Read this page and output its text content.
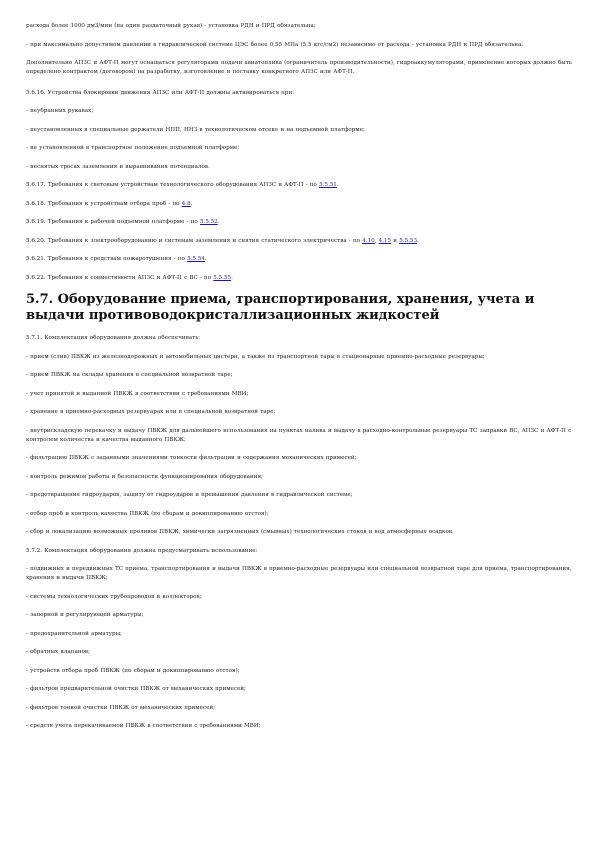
расхода более 1000 дм3/мин (на один раздаточный рукав) - установка РДН и ПРД обязательна;

- при максимально допустимом давлении в гидравлической системе ЦЭС более 0,55 МПа (5,5 кгс/см2) независимо от расхода - установка РДН и ПРД обязательна.

Дополнительно АПЗС и АФТ-П могут оснащаться регуляторами подачи авиатоплива (ограничитель производительности), гидроаккумуляторами, применение которых должно быть определено контрактом (договором) на разработку, изготовление и поставку конкретного АПЗС или АФТ-П.

5.6.16. Устройства блокировки движения АПЗС или АФТ-П должны активироваться при:

- неубранных рукавах;

- неустановленных в специальные держатели НПП, ННЗ в технологическом отсеке и на подъемной платформе;

- не установленной в транспортное положение подъемной платформе;

- неснятых тросах заземления и выравнивания потенциалов.

5.6.17. Требования к световым устройствам технологического оборудования АПЗС и АФТ-П - по 5.5.51.

5.6.18. Требования к устройствам отбора проб - по 4.8.

5.6.19. Требования к рабочей подъемной платформе - по 5.5.52.

5.6.20. Требования к электрооборудованию и системам заземления и снятия статического электричества - по 4.10, 4.15 и 5.5.53.

5.6.21. Требования к средствам пожаротушения - по 5.5.54.

5.6.22. Требования к совместимости АПЗС и АФТ-П с ВС - по 5.5.55.

5.7. Оборудование приема, транспортирования, хранения, учета и выдачи противоводокристаллизационных жидкостей

5.7.1. Комплектация оборудования должна обеспечивать:

- прием (слив) ПВКЖ из железнодорожных и автомобильных цистерн, а также из транспортной тары в стационарные приемно-расходные резервуары;

- прием ПВКЖ на склады хранения в специальной возвратной таре;

- учет принятой и выданной ПВКЖ в соответствии с требованиями МВИ;

- хранение в приемно-расходных резервуарах или в специальной возвратной таре;

- внутрискладскую перекачку и выдачу ПВКЖ для дальнейшего использования на пунктах налива и выдачу в расходно-контрольные резервуары ТС заправки ВС, АПЗС и АФТ-П с контролем количества и качества выданного ПВКЖ;

- фильтрацию ПВКЖ с заданными значениями тонкости фильтрации и содержания механических примесей;

- контроль режимов работы и безопасности функционирования оборудования;

- предотвращение гидроударов, защиту от гидроударов и превышения давления в гидравлической системе;

- отбор проб и контроль качества ПВКЖ (по сборам и докиппированию отстоя);

- сбор и локализацию возможных проливов ПВКЖ, химически загрязненных (смывных) технологических стоков и вод атмосферных осадков.

5.7.2. Комплектация оборудования должна предусматривать использование:

- подвижных и передвижных ТС приема, транспортирования и выдачи ПВКЖ в приемно-расходные резервуары или специальной возвратной таре для приема, транспортирования, хранения и выдачи ПВКЖ;

- системы технологических трубопроводов и коллекторов;

- запорной и регулирующей арматуры;

- предохранительной арматуры;

- обратных клапанов;

- устройств отбора проб ПВКЖ (по сборам и докиппированию отстоя);

- фильтров предварительной очистки ПВКЖ от механических примесей;

- фильтров тонкой очистки ПВКЖ от механических примесей;

- средств учета перекачиваемой ПВКЖ в соответствии с требованиями МВИ;
